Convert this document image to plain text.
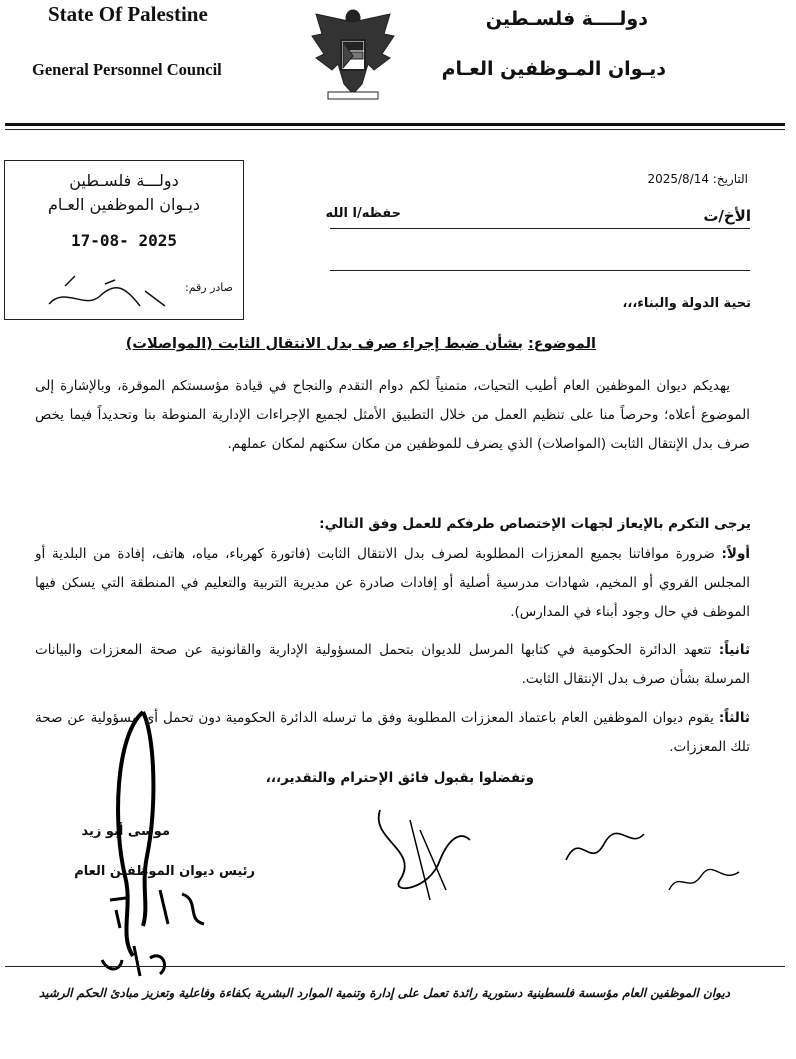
State Of Palestine
General Personnel Council
دولــــة فلسـطين
ديـوان المـوظفين العـام
دولـــة فلسـطين
ديـوان الموظفين العـام
17-08- 2025
صادر رقم:
التاريخ: 2025/8/14
الأخ/ت
حفظه/ا الله
تحية الدولة والبناء،،،
الموضوع: بشأن ضبط إجراء صرف بدل الانتقال الثابت (المواصلات)
يهديكم ديوان الموظفين العام أطيب التحيات، متمنياً لكم دوام التقدم والنجاح في قيادة مؤسستكم الموقرة، وبالإشارة إلى الموضوع أعلاه؛ وحرصاً منا على تنظيم العمل من خلال التطبيق الأمثل لجميع الإجراءات الإدارية المنوطة بنا وتحديداً فيما يخص صرف بدل الإنتقال الثابت (المواصلات) الذي يصرف للموظفين من مكان سكنهم لمكان عملهم.
يرجى التكرم بالإيعاز لجهات الإختصاص طرفكم للعمل وفق التالي:
أولاً: ضرورة موافاتنا بجميع المعززات المطلوبة لصرف بدل الانتقال الثابت (فاتورة كهرباء، مياه، هاتف، إفادة من البلدية أو المجلس القروي أو المخيم، شهادات مدرسية أصلية أو إفادات صادرة عن مديرية التربية والتعليم في المنطقة التي يسكن فيها الموظف في حال وجود أبناء في المدارس).
ثانياً: تتعهد الدائرة الحكومية في كتابها المرسل للديوان بتحمل المسؤولية الإدارية والقانونية عن صحة المعززات والبيانات المرسلة بشأن صرف بدل الإنتقال الثابت.
ثالثاً: يقوم ديوان الموظفين العام باعتماد المعززات المطلوبة وفق ما ترسله الدائرة الحكومية دون تحمل أي مسؤولية عن صحة تلك المعززات.
وتفضلوا بقبول فائق الإحترام والتقدير،،،
موسى أبو زيد
رئيس ديوان الموظفين العام
ديوان الموظفين العام مؤسسة فلسطينية دستورية رائدة تعمل على إدارة وتنمية الموارد البشرية بكفاءة وفاعلية وتعزيز مبادئ الحكم الرشيد
